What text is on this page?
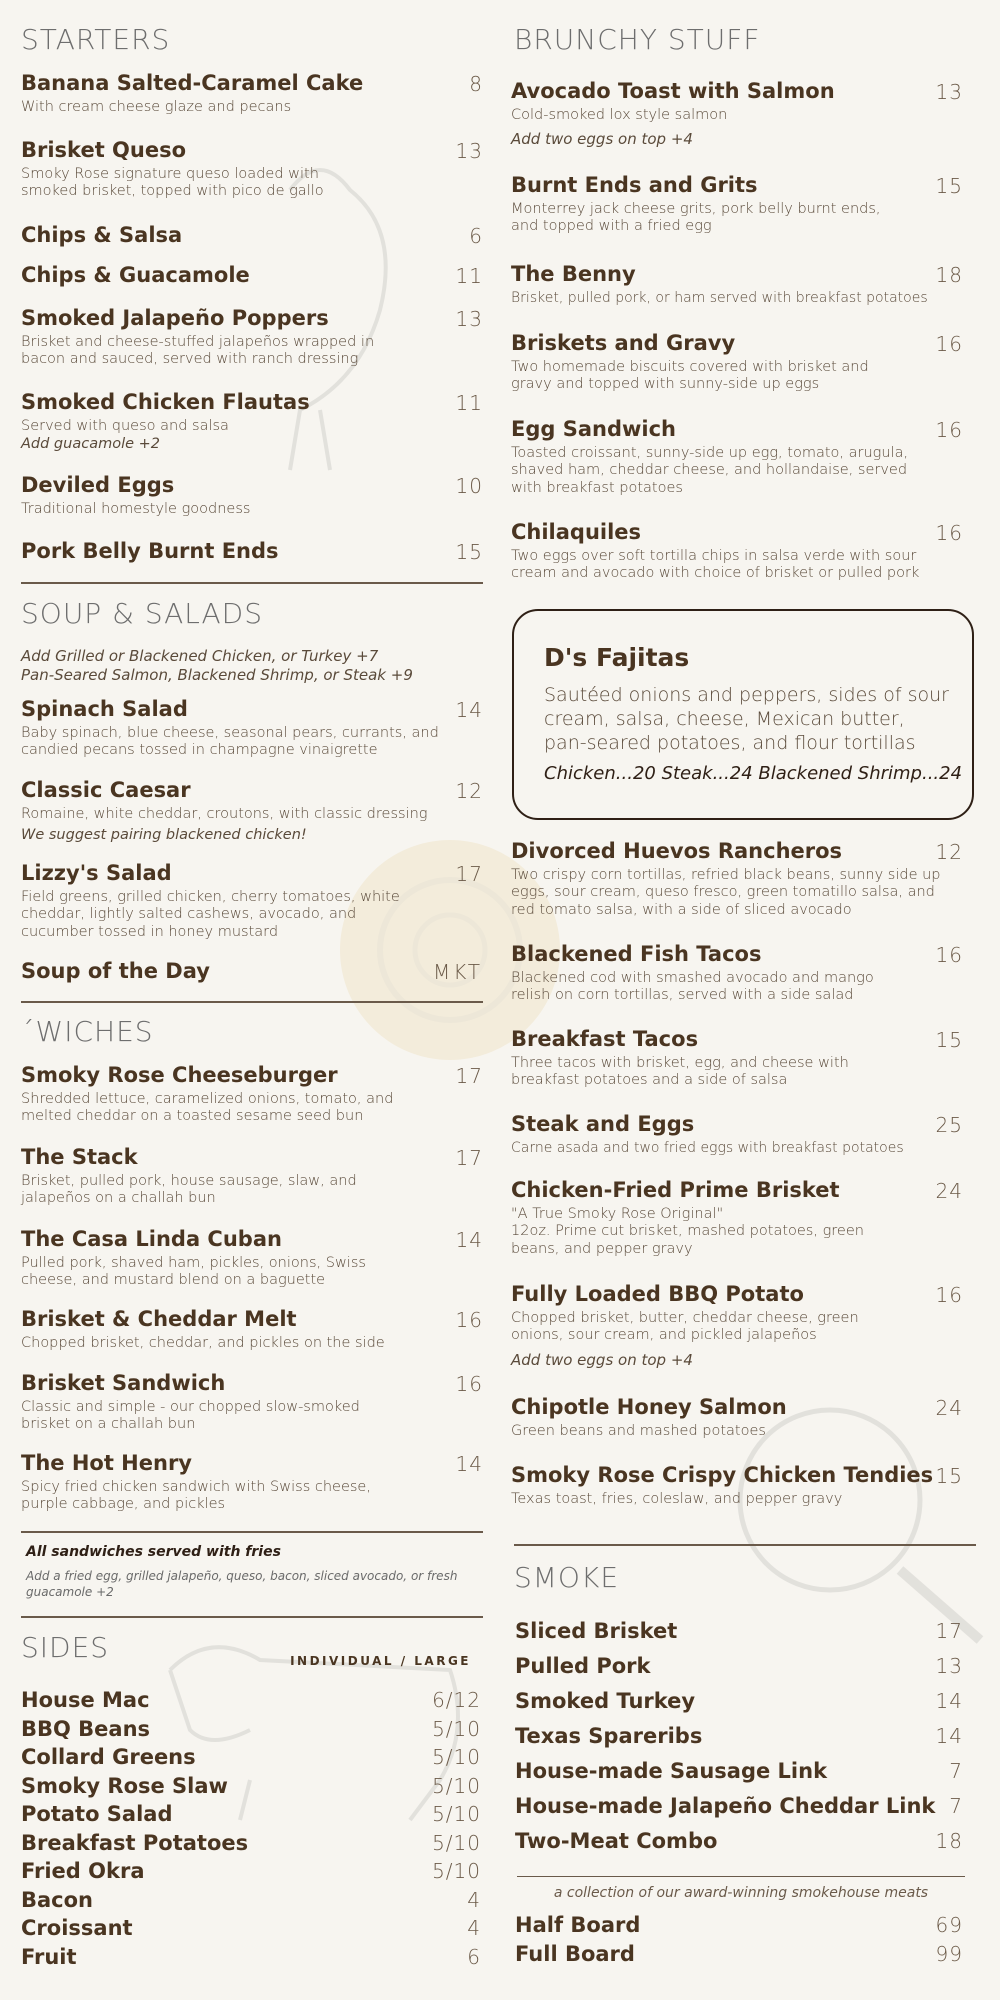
STARTERS
Banana Salted-Caramel Cake	8
With cream cheese glaze and pecans
Brisket Queso	13
Smoky Rose signature queso loaded with smoked brisket, topped with pico de gallo
Chips & Salsa	6
Chips & Guacamole	11
Smoked Jalapeño Poppers	13
Brisket and cheese-stuffed jalapeños wrapped in bacon and sauced, served with ranch dressing
Smoked Chicken Flautas	11
Served with queso and salsa
Add guacamole +2
Deviled Eggs	10
Traditional homestyle goodness
Pork Belly Burnt Ends	15
SOUP & SALADS
Add Grilled or Blackened Chicken, or Turkey +7
Pan-Seared Salmon, Blackened Shrimp, or Steak +9
Spinach Salad	14
Baby spinach, blue cheese, seasonal pears, currants, and candied pecans tossed in champagne vinaigrette
Classic Caesar	12
Romaine, white cheddar, croutons, with classic dressing
We suggest pairing blackened chicken!
Lizzy's Salad	17
Field greens, grilled chicken, cherry tomatoes, white cheddar, lightly salted cashews, avocado, and cucumber tossed in honey mustard
Soup of the Day	MKT
´WICHES
Smoky Rose Cheeseburger	17
Shredded lettuce, caramelized onions, tomato, and melted cheddar on a toasted sesame seed bun
The Stack	17
Brisket, pulled pork, house sausage, slaw, and jalapeños on a challah bun
The Casa Linda Cuban	14
Pulled pork, shaved ham, pickles, onions, Swiss cheese, and mustard blend on a baguette
Brisket & Cheddar Melt	16
Chopped brisket, cheddar, and pickles on the side
Brisket Sandwich	16
Classic and simple - our chopped slow-smoked brisket on a challah bun
The Hot Henry	14
Spicy fried chicken sandwich with Swiss cheese, purple cabbage, and pickles
All sandwiches served with fries
Add a fried egg, grilled jalapeño, queso, bacon, sliced avocado, or fresh guacamole +2
SIDES	INDIVIDUAL / LARGE
House Mac	6/12
BBQ Beans	5/10
Collard Greens	5/10
Smoky Rose Slaw	5/10
Potato Salad	5/10
Breakfast Potatoes	5/10
Fried Okra	5/10
Bacon	4
Croissant	4
Fruit	6
BRUNCHY STUFF
Avocado Toast with Salmon	13
Cold-smoked lox style salmon
Add two eggs on top +4
Burnt Ends and Grits	15
Monterrey jack cheese grits, pork belly burnt ends, and topped with a fried egg
The Benny	18
Brisket, pulled pork, or ham served with breakfast potatoes
Briskets and Gravy	16
Two homemade biscuits covered with brisket and gravy and topped with sunny-side up eggs
Egg Sandwich	16
Toasted croissant, sunny-side up egg, tomato, arugula, shaved ham, cheddar cheese, and hollandaise, served with breakfast potatoes
Chilaquiles	16
Two eggs over soft tortilla chips in salsa verde with sour cream and avocado with choice of brisket or pulled pork
Divorced Huevos Rancheros	12
Two crispy corn tortillas, refried black beans, sunny side up eggs, sour cream, queso fresco, green tomatillo salsa, and red tomato salsa, with a side of sliced avocado
Blackened Fish Tacos	16
Blackened cod with smashed avocado and mango relish on corn tortillas, served with a side salad
Breakfast Tacos	15
Three tacos with brisket, egg, and cheese with breakfast potatoes and a side of salsa
Steak and Eggs	25
Carne asada and two fried eggs with breakfast potatoes
Chicken-Fried Prime Brisket	24
"A True Smoky Rose Original"
12oz. Prime cut brisket, mashed potatoes, green beans, and pepper gravy
Fully Loaded BBQ Potato	16
Chopped brisket, butter, cheddar cheese, green onions, sour cream, and pickled jalapeños
Add two eggs on top +4
Chipotle Honey Salmon	24
Green beans and mashed potatoes
Smoky Rose Crispy Chicken Tendies 15
Texas toast, fries, coleslaw, and pepper gravy
SMOKE
Sliced Brisket	17
Pulled Pork	13
Smoked Turkey	14
Texas Spareribs	14
House-made Sausage Link	7
House-made Jalapeño Cheddar Link 7
Two-Meat Combo	18
a collection of our award-winning smokehouse meats
Half Board	69
Full Board	99
D's Fajitas
Sautéed onions and peppers, sides of sour cream, salsa, cheese, Mexican butter, pan-seared potatoes, and flour tortillas
Chicken...20 Steak...24 Blackened Shrimp...24
